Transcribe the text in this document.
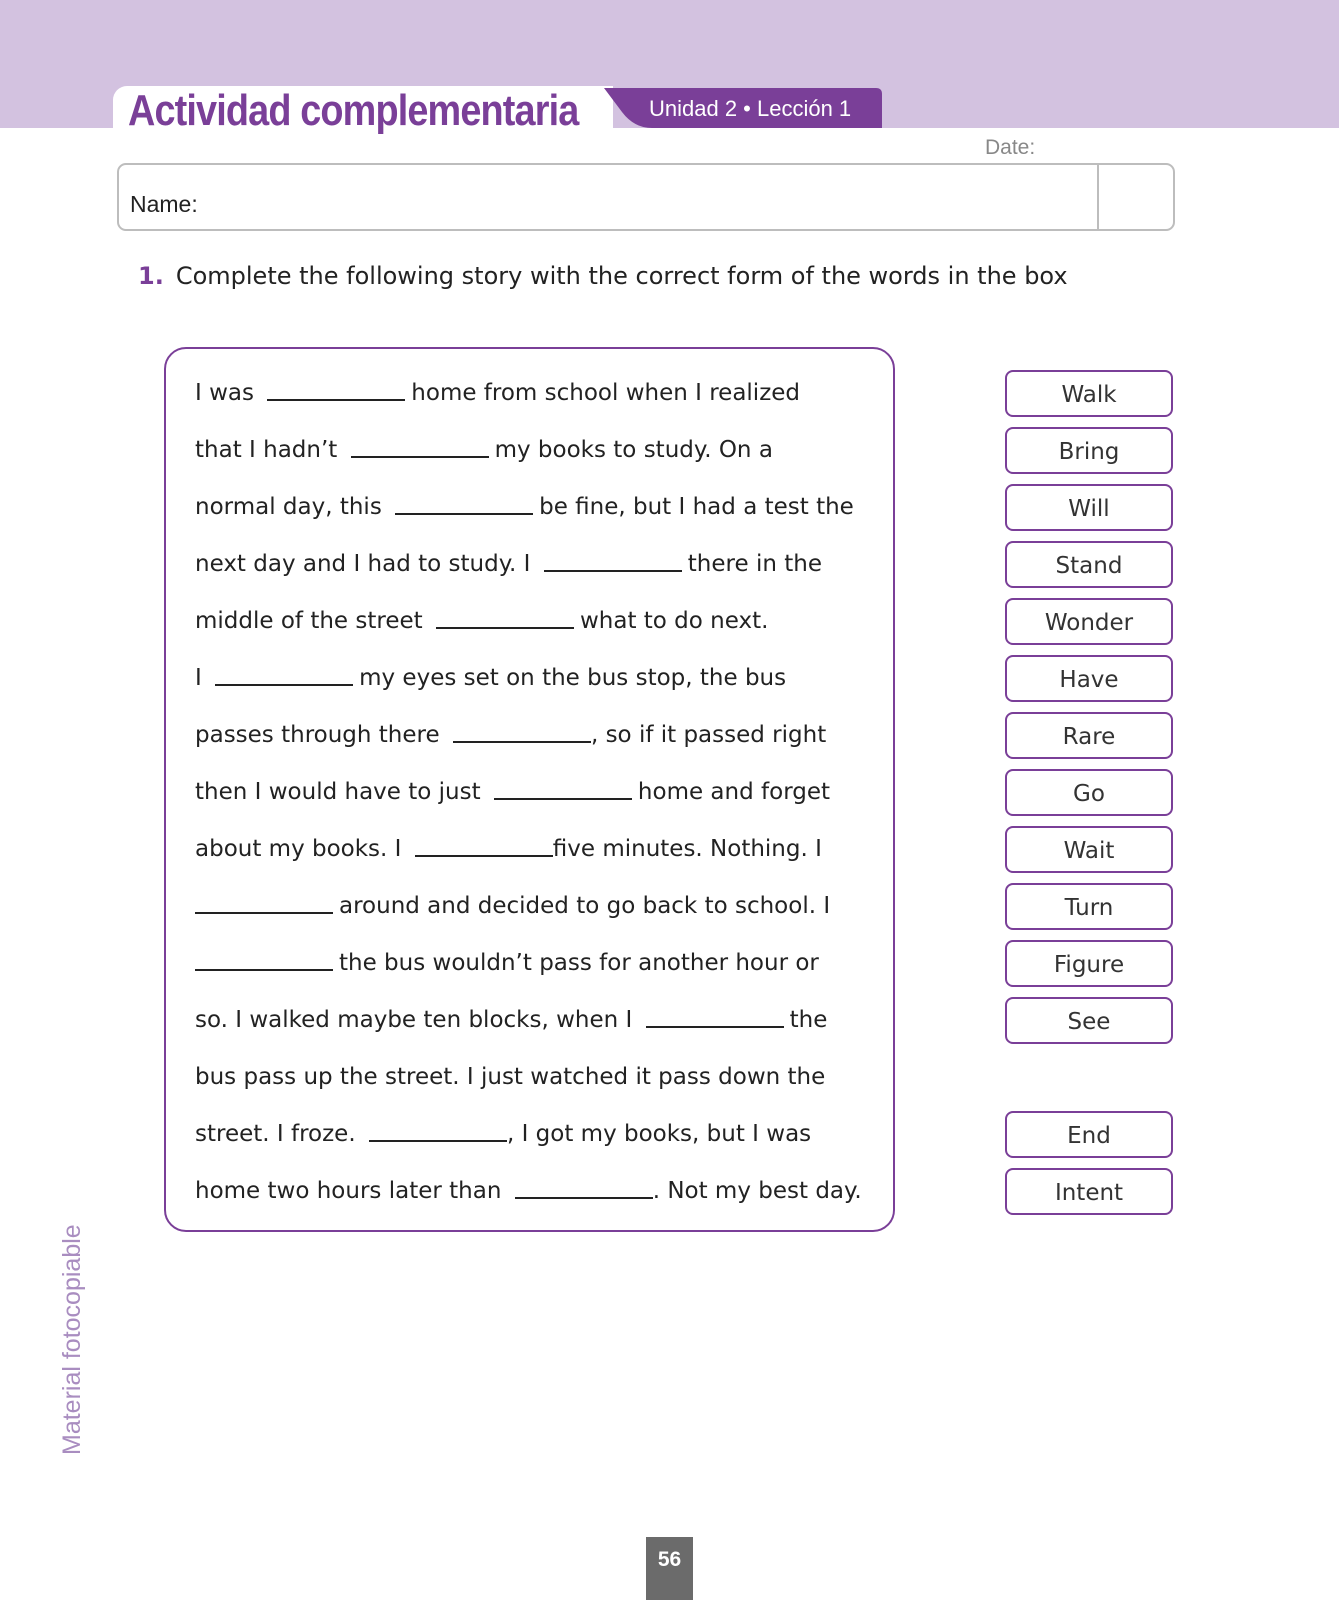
Actividad complementaria	Unidad 2 • Lección 1
Date:
Name:
1. Complete the following story with the correct form of the words in the box
I was	home from school when I realized
that I hadn’t	my books to study. On a
normal day, this	be fine, but I had a test the
next day and I had to study. I	there in the
middle of the street	what to do next.
I	my eyes set on the bus stop, the bus
passes through there	, so if it passed right
then I would have to just	home and forget
about my books. I	five minutes. Nothing. I
around and decided to go back to school. I
the bus wouldn’t pass for another hour or
so. I walked maybe ten blocks, when I	the
bus pass up the street. I just watched it pass down the
street. I froze.	, I got my books, but I was
home two hours later than	. Not my best day.
Walk
Bring
Will
Stand
Wonder
Have
Rare
Go
Wait
Turn
Figure
See
End
Intent
Material fotocopiable
56
